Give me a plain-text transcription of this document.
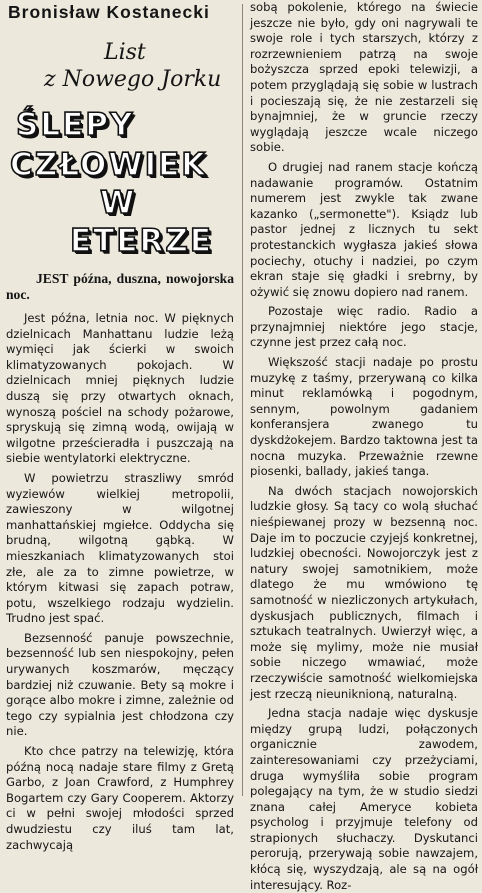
Bronisław Kostanecki
List
z Nowego Jorku
ŚLEPY
CZŁOWIEK
W
ETERZE
JEST późna, duszna, nowojorska noc.
Jest późna, letnia noc. W pięknych dzielnicach Manhattanu ludzie leżą wymięci jak ścierki w swoich klimatyzowanych pokojach. W dzielnicach mniej pięknych ludzie duszą się przy otwartych oknach, wynoszą pościel na schody pożarowe, spryskują się zimną wodą, owijają w wilgotne prześcieradła i puszczają na siebie wentylatorki elektryczne.
W powietrzu straszliwy smród wyziewów wielkiej metropolii, zawieszony w wilgotnej manhattańskiej mgiełce. Oddycha się brudną, wilgotną gąbką. W mieszkaniach klimatyzowanych stoi złe, ale za to zimne powietrze, w którym kitwasi się zapach potraw, potu, wszelkiego rodzaju wydzielin. Trudno jest spać.
Bezsenność panuje powszechnie, bezsenność lub sen niespokojny, pełen urywanych koszmarów, męczący bardziej niż czuwanie. Bety są mokre i gorące albo mokre i zimne, zależnie od tego czy sypialnia jest chłodzona czy nie.
Kto chce patrzy na telewizję, która późną nocą nadaje stare filmy z Gretą Garbo, z Joan Crawford, z Humphrey Bogartem czy Gary Cooperem. Aktorzy ci w pełni swojej młodości sprzed dwudziestu czy iluś tam lat, zachwycają
sobą pokolenie, którego na świecie jeszcze nie było, gdy oni nagrywali te swoje role i tych starszych, którzy z rozrzewnieniem patrzą na swoje bożyszcza sprzed epoki telewizji, a potem przyglądają się sobie w lustrach i pocieszają się, że nie zestarzeli się bynajmniej, że w gruncie rzeczy wyglądają jeszcze wcale niczego sobie.
O drugiej nad ranem stacje kończą nadawanie programów. Ostatnim numerem jest zwykle tak zwane kazanko („sermonette"). Ksiądz lub pastor jednej z licznych tu sekt protestanckich wygłasza jakieś słowa pociechy, otuchy i nadziei, po czym ekran staje się gładki i srebrny, by ożywić się znowu dopiero nad ranem.
Pozostaje więc radio. Radio a przynajmniej niektóre jego stacje, czynne jest przez całą noc.
Większość stacji nadaje po prostu muzykę z taśmy, przerywaną co kilka minut reklamówką i pogodnym, sennym, powolnym gadaniem konferansjera zwanego tu dyskdżokejem. Bardzo taktowna jest ta nocna muzyka. Przeważnie rzewne piosenki, ballady, jakieś tanga.
Na dwóch stacjach nowojorskich ludzkie głosy. Są tacy co wolą słuchać nieśpiewanej prozy w bezsenną noc. Daje im to poczucie czyjejś konkretnej, ludzkiej obecności. Nowojorczyk jest z natury swojej samotnikiem, może dlatego że mu wmówiono tę samotność w niezliczonych artykułach, dyskusjach publicznych, filmach i sztukach teatralnych. Uwierzył więc, a może się mylimy, może nie musiał sobie niczego wmawiać, może rzeczywiście samotność wielkomiejska jest rzeczą nieuniknioną, naturalną.
Jedna stacja nadaje więc dyskusje między grupą ludzi, połączonych organicznie zawodem, zainteresowaniami czy przeżyciami, druga wymyśliła sobie program polegający na tym, że w studio siedzi znana całej Ameryce kobieta psycholog i przyjmuje telefony od strapionych słuchaczy. Dyskutanci perorują, przerywają sobie nawzajem, kłócą się, wyszydzają, ale są na ogół interesujący. Roz-
